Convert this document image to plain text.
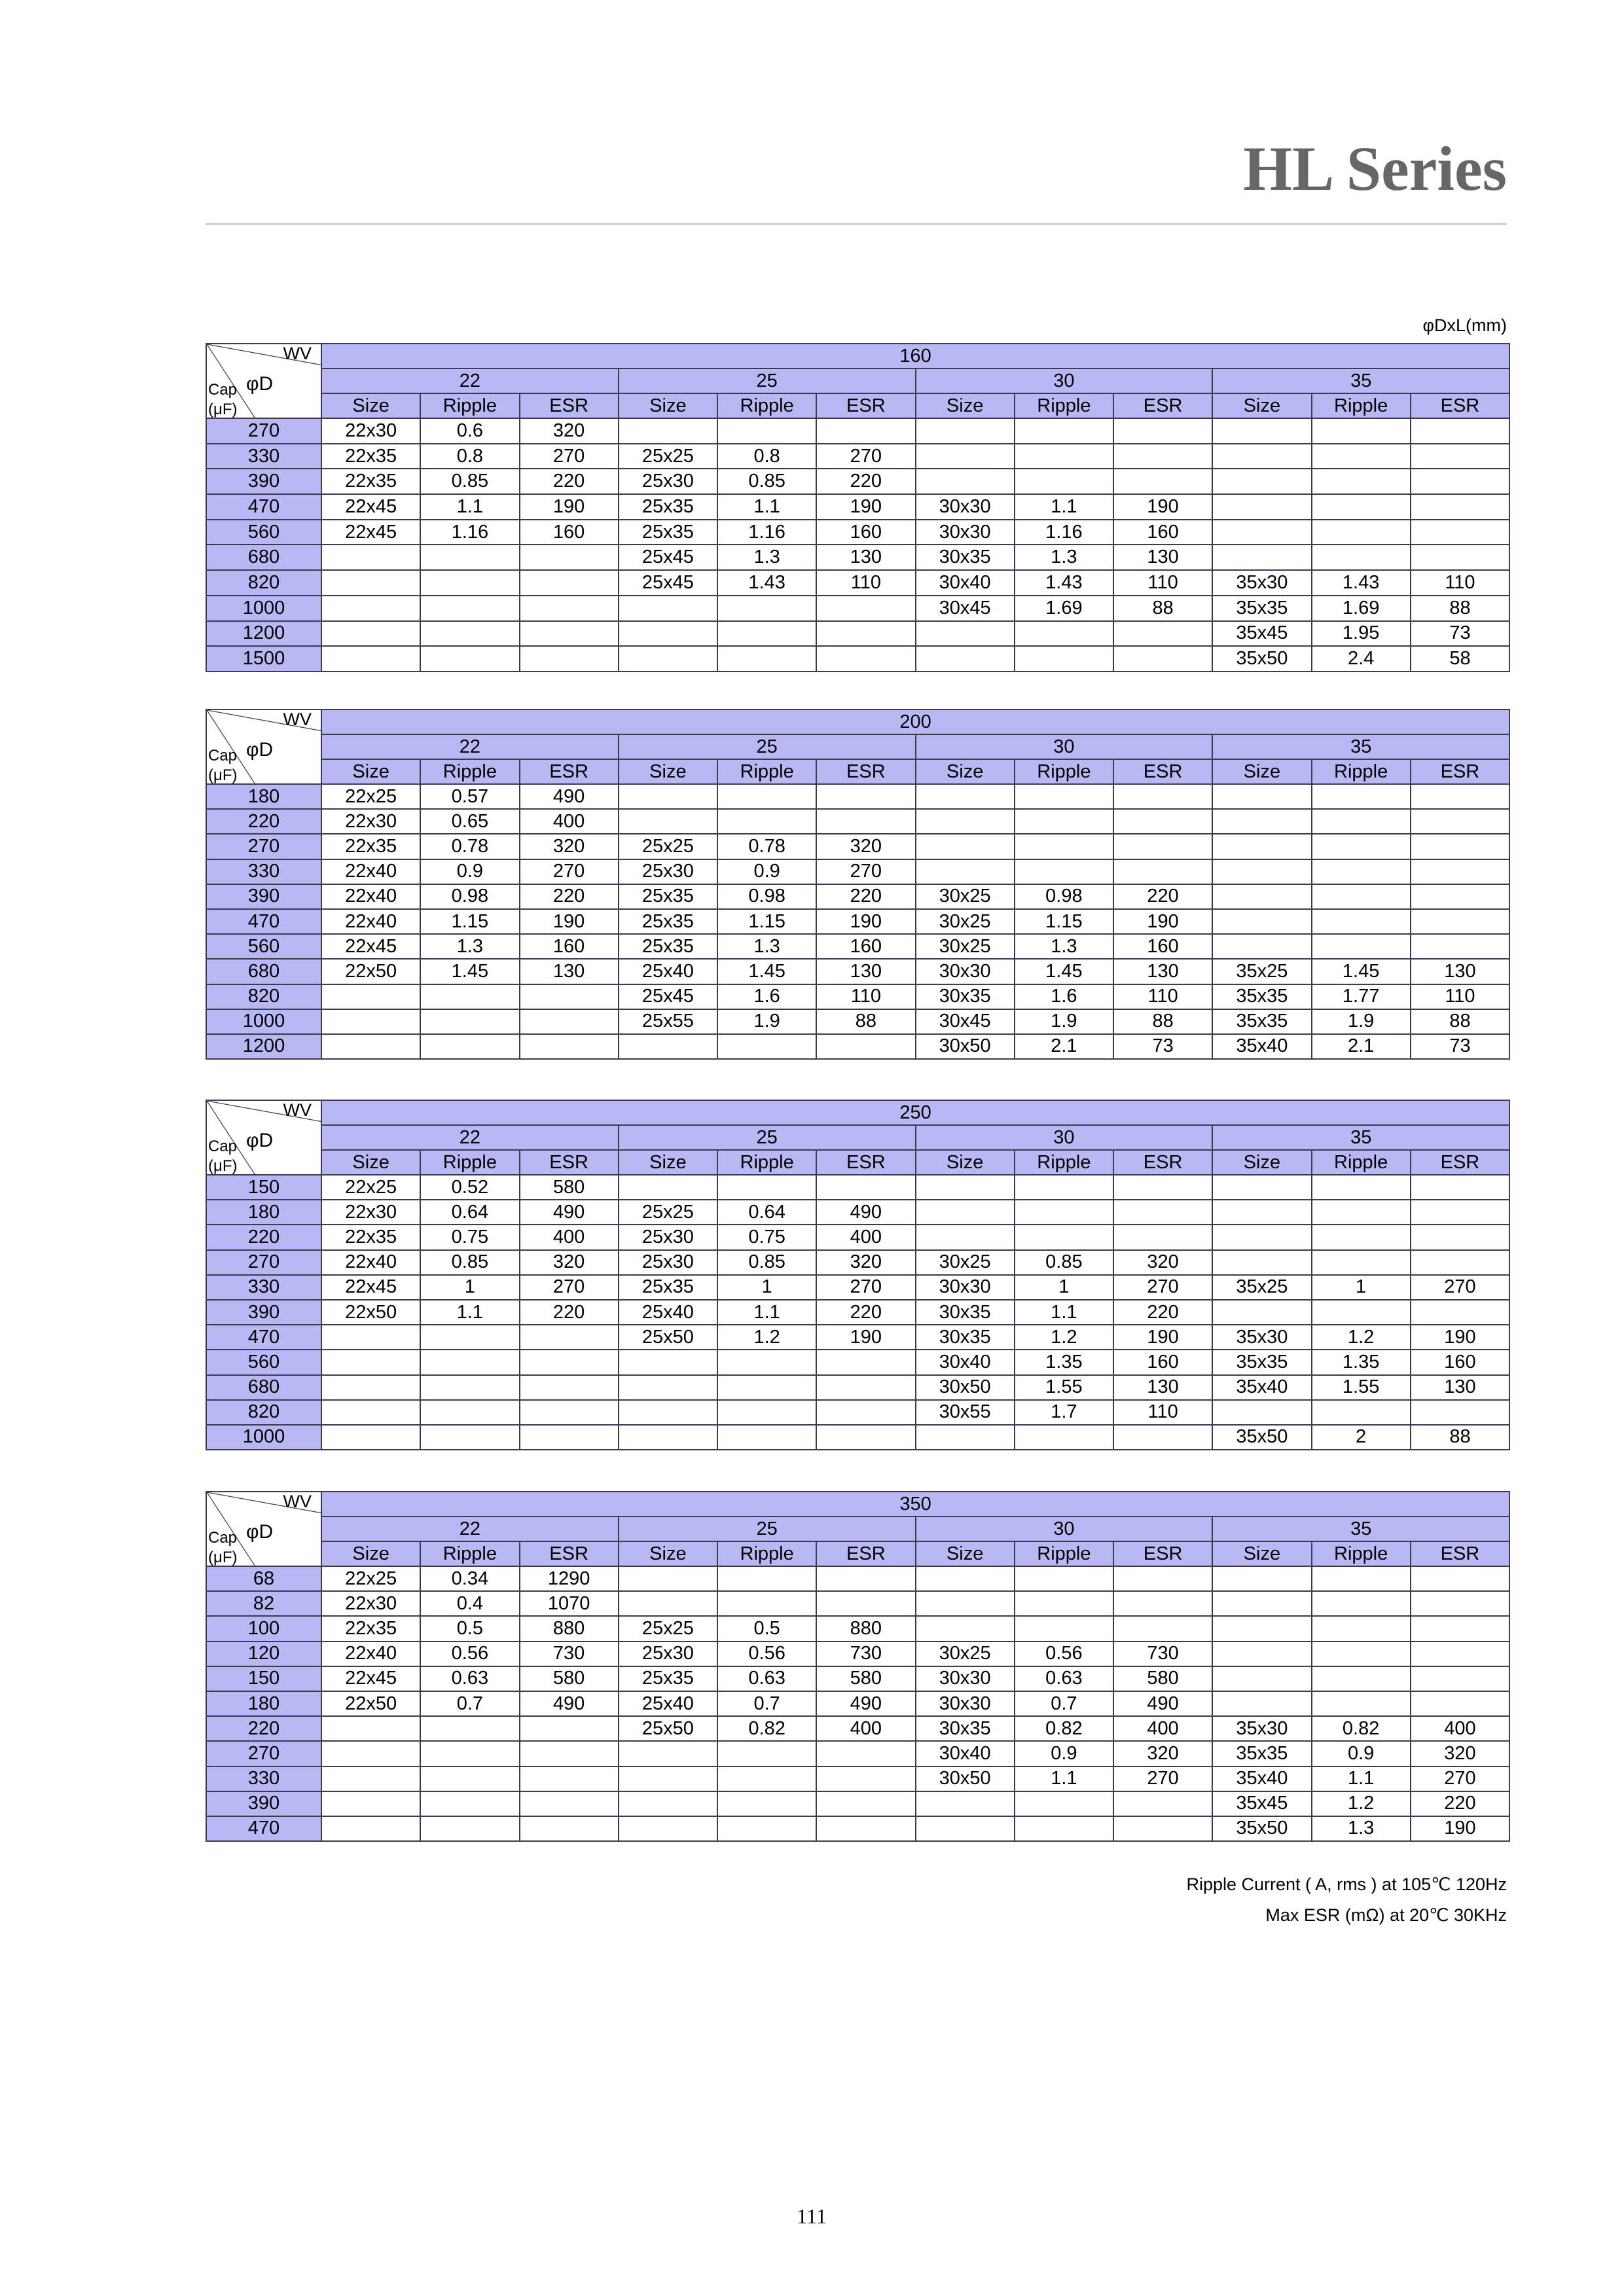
HL Series
φDxL(mm)
WV
φD
Cap
(μF)	160											
	22			25			30			35		
	Size	Ripple	ESR	Size	Ripple	ESR	Size	Ripple	ESR	Size	Ripple	ESR
270	22x30	0.6	320									
330	22x35	0.8	270	25x25	0.8	270						
390	22x35	0.85	220	25x30	0.85	220						
470	22x45	1.1	190	25x35	1.1	190	30x30	1.1	190			
560	22x45	1.16	160	25x35	1.16	160	30x30	1.16	160			
680				25x45	1.3	130	30x35	1.3	130			
820				25x45	1.43	110	30x40	1.43	110	35x30	1.43	110
1000							30x45	1.69	88	35x35	1.69	88
1200										35x45	1.95	73
1500										35x50	2.4	58
WV
φD
Cap
(μF)	200											
	22			25			30			35		
	Size	Ripple	ESR	Size	Ripple	ESR	Size	Ripple	ESR	Size	Ripple	ESR
180	22x25	0.57	490									
220	22x30	0.65	400									
270	22x35	0.78	320	25x25	0.78	320						
330	22x40	0.9	270	25x30	0.9	270						
390	22x40	0.98	220	25x35	0.98	220	30x25	0.98	220			
470	22x40	1.15	190	25x35	1.15	190	30x25	1.15	190			
560	22x45	1.3	160	25x35	1.3	160	30x25	1.3	160			
680	22x50	1.45	130	25x40	1.45	130	30x30	1.45	130	35x25	1.45	130
820				25x45	1.6	110	30x35	1.6	110	35x35	1.77	110
1000				25x55	1.9	88	30x45	1.9	88	35x35	1.9	88
1200							30x50	2.1	73	35x40	2.1	73
WV
φD
Cap
(μF)	250											
	22			25			30			35		
	Size	Ripple	ESR	Size	Ripple	ESR	Size	Ripple	ESR	Size	Ripple	ESR
150	22x25	0.52	580									
180	22x30	0.64	490	25x25	0.64	490						
220	22x35	0.75	400	25x30	0.75	400						
270	22x40	0.85	320	25x30	0.85	320	30x25	0.85	320			
330	22x45	1	270	25x35	1	270	30x30	1	270	35x25	1	270
390	22x50	1.1	220	25x40	1.1	220	30x35	1.1	220			
470				25x50	1.2	190	30x35	1.2	190	35x30	1.2	190
560							30x40	1.35	160	35x35	1.35	160
680							30x50	1.55	130	35x40	1.55	130
820							30x55	1.7	110			
1000										35x50	2	88
WV
φD
Cap
(μF)	350											
	22			25			30			35		
	Size	Ripple	ESR	Size	Ripple	ESR	Size	Ripple	ESR	Size	Ripple	ESR
68	22x25	0.34	1290									
82	22x30	0.4	1070									
100	22x35	0.5	880	25x25	0.5	880						
120	22x40	0.56	730	25x30	0.56	730	30x25	0.56	730			
150	22x45	0.63	580	25x35	0.63	580	30x30	0.63	580			
180	22x50	0.7	490	25x40	0.7	490	30x30	0.7	490			
220				25x50	0.82	400	30x35	0.82	400	35x30	0.82	400
270							30x40	0.9	320	35x35	0.9	320
330							30x50	1.1	270	35x40	1.1	270
390										35x45	1.2	220
470										35x50	1.3	190
Ripple Current ( A, rms ) at 105℃ 120Hz
Max ESR (mΩ) at 20℃ 30KHz
111
